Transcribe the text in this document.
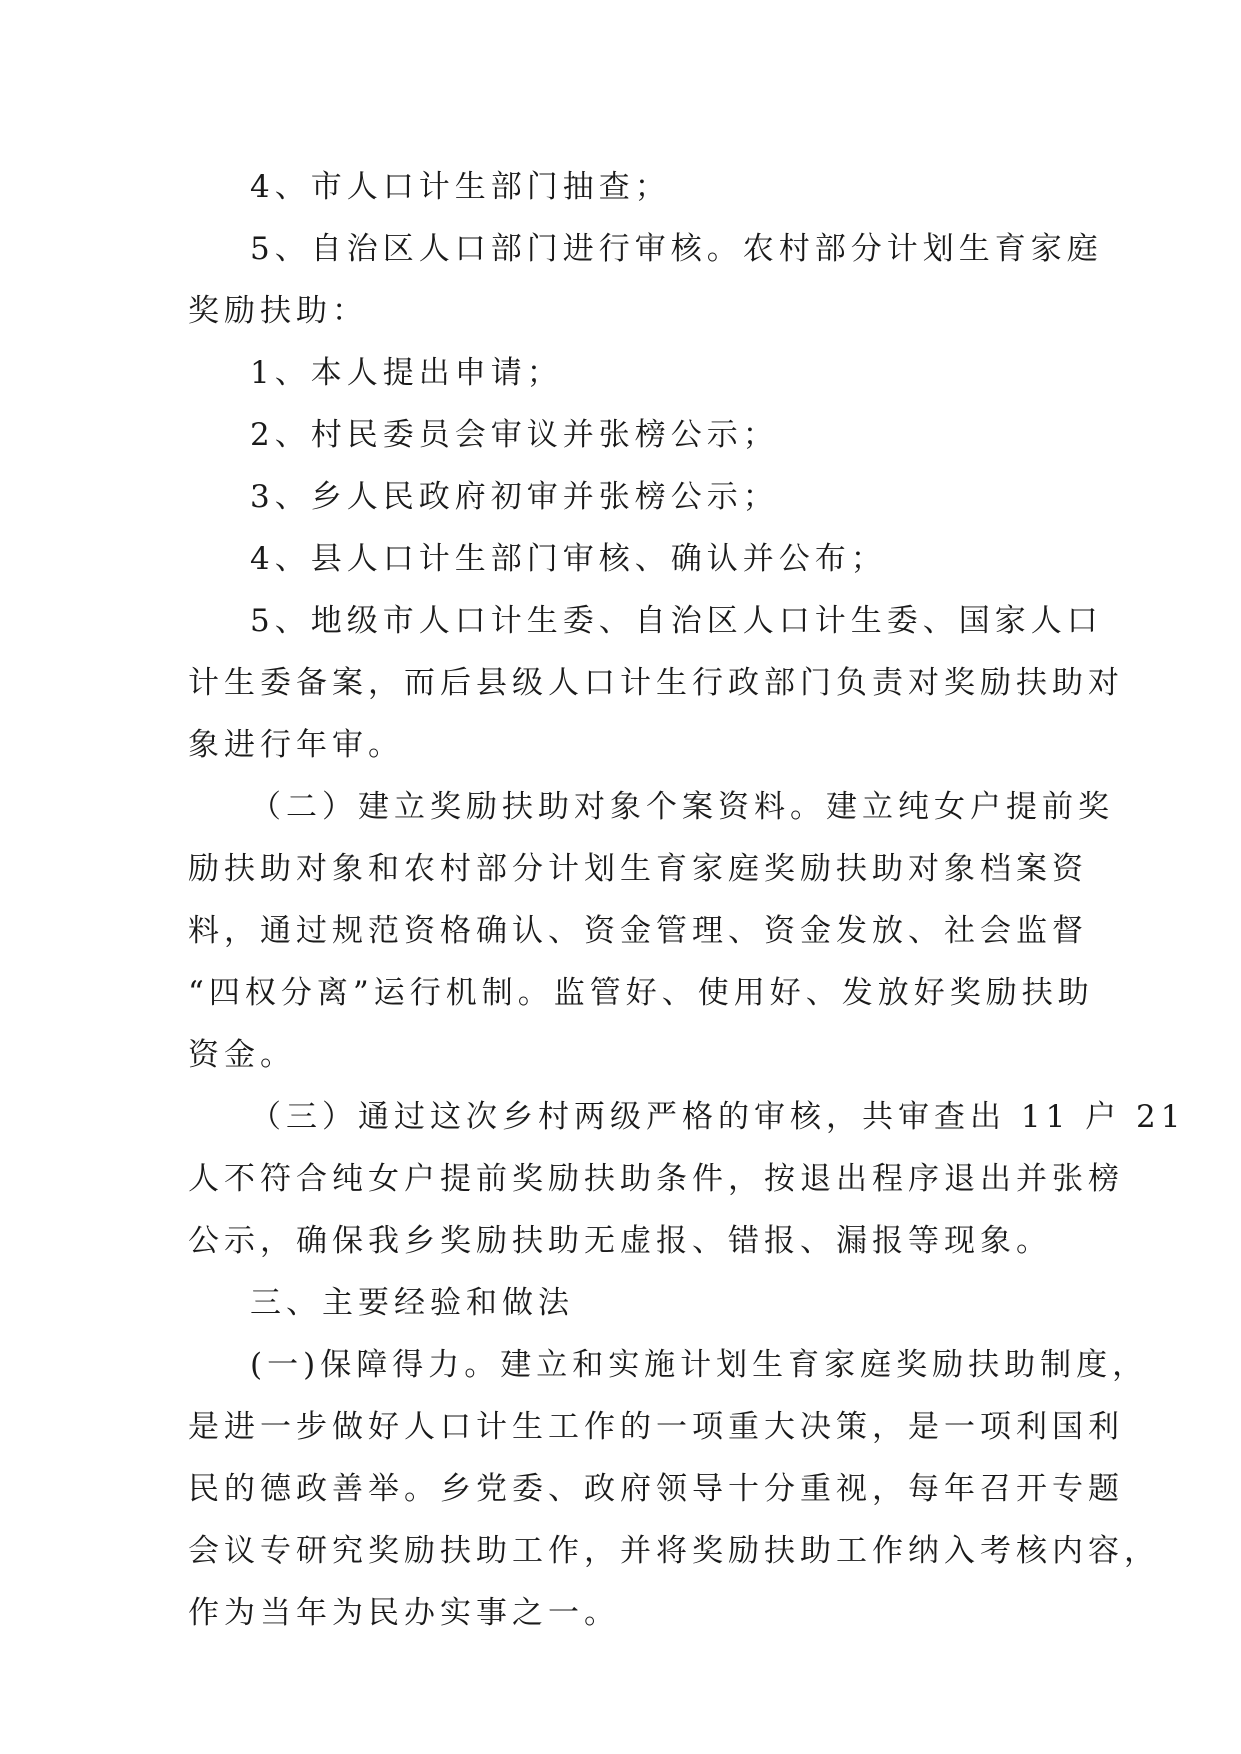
4、市人口计生部门抽查；
5、自治区人口部门进行审核。农村部分计划生育家庭
奖励扶助：
1、本人提出申请；
2、村民委员会审议并张榜公示；
3、乡人民政府初审并张榜公示；
4、县人口计生部门审核、确认并公布；
5、地级市人口计生委、自治区人口计生委、国家人口
计生委备案，而后县级人口计生行政部门负责对奖励扶助对
象进行年审。
（二）建立奖励扶助对象个案资料。建立纯女户提前奖
励扶助对象和农村部分计划生育家庭奖励扶助对象档案资
料，通过规范资格确认、资金管理、资金发放、社会监督
“四权分离”运行机制。监管好、使用好、发放好奖励扶助
资金。
（三）通过这次乡村两级严格的审核，共审查出 11 户 21
人不符合纯女户提前奖励扶助条件，按退出程序退出并张榜
公示，确保我乡奖励扶助无虚报、错报、漏报等现象。
三、主要经验和做法
(一)保障得力。建立和实施计划生育家庭奖励扶助制度，
是进一步做好人口计生工作的一项重大决策，是一项利国利
民的德政善举。乡党委、政府领导十分重视，每年召开专题
会议专研究奖励扶助工作，并将奖励扶助工作纳入考核内容，
作为当年为民办实事之一。
